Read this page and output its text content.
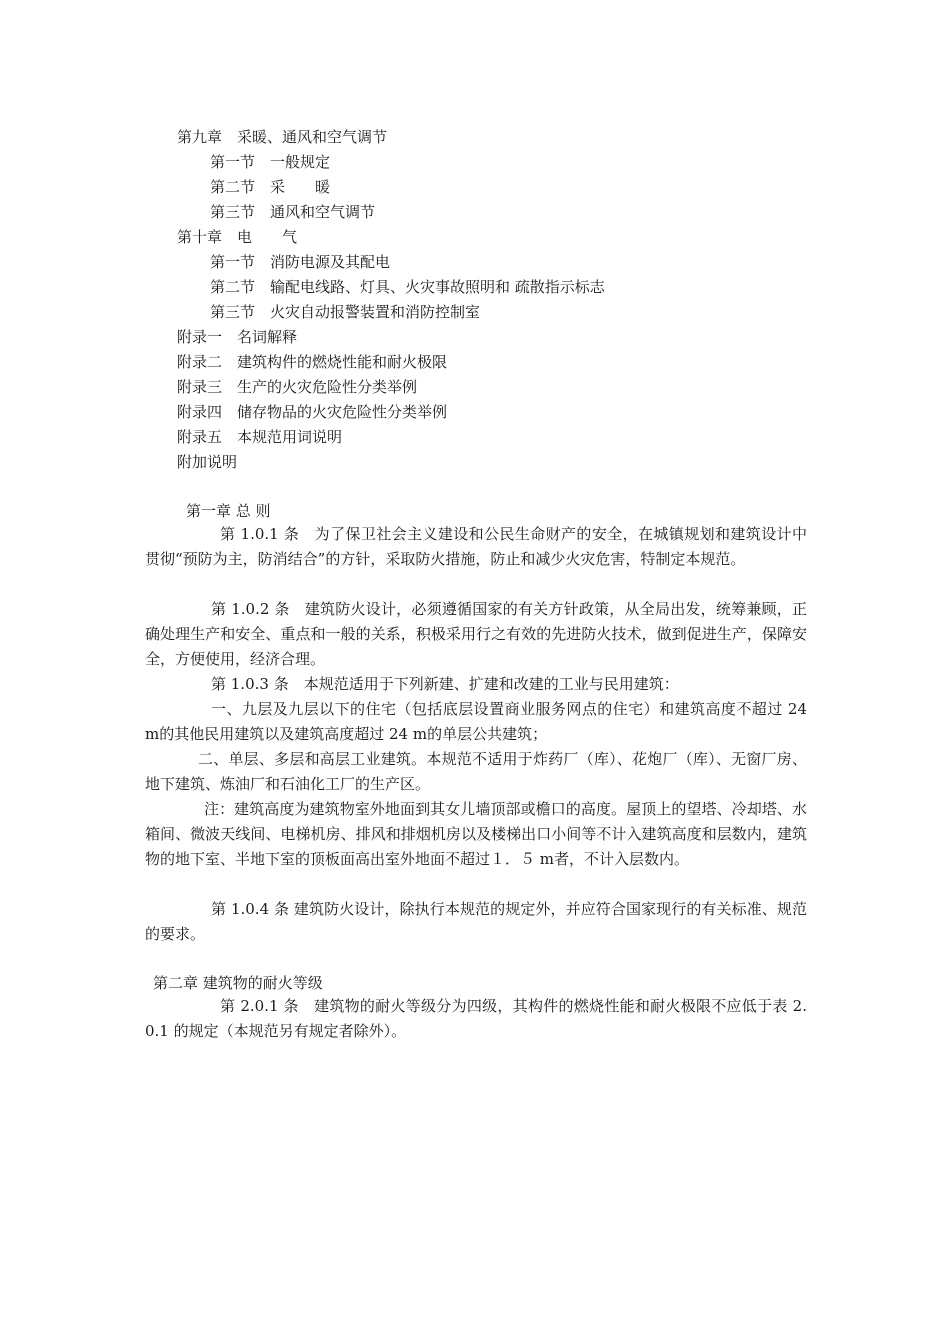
第九章　采暖、通风和空气调节
第一节　一般规定
第二节　采　　暖
第三节　通风和空气调节
第十章　电　　气
第一节　消防电源及其配电
第二节　输配电线路、灯具、火灾事故照明和 疏散指示标志
第三节　火灾自动报警装置和消防控制室
附录一　名词解释
附录二　建筑构件的燃烧性能和耐火极限
附录三　生产的火灾危险性分类举例
附录四　储存物品的火灾危险性分类举例
附录五　本规范用词说明
附加说明
第一章 总 则
第 1.0.1 条　为了保卫社会主义建设和公民生命财产的安全，在城镇规划和建筑设计中贯彻“预防为主，防消结合”的方针，采取防火措施，防止和减少火灾危害，特制定本规范。
第 1.0.2 条　建筑防火设计，必须遵循国家的有关方针政策，从全局出发，统筹兼顾，正确处理生产和安全、重点和一般的关系，积极采用行之有效的先进防火技术，做到促进生产，保障安全，方便使用，经济合理。
第 1.0.3 条　本规范适用于下列新建、扩建和改建的工业与民用建筑：
一、九层及九层以下的住宅（包括底层设置商业服务网点的住宅）和建筑高度不超过 24 m的其他民用建筑以及建筑高度超过 24 m的单层公共建筑；
二、单层、多层和高层工业建筑。本规范不适用于炸药厂（库）、花炮厂（库）、无窗厂房、地下建筑、炼油厂和石油化工厂的生产区。
注：建筑高度为建筑物室外地面到其女儿墙顶部或檐口的高度。屋顶上的望塔、冷却塔、水箱间、微波天线间、电梯机房、排风和排烟机房以及楼梯出口小间等不计入建筑高度和层数内，建筑物的地下室、半地下室的顶板面高出室外地面不超过１．５ m者，不计入层数内。
第 1.0.4 条 建筑防火设计，除执行本规范的规定外，并应符合国家现行的有关标准、规范的要求。
第二章 建筑物的耐火等级
第 2.0.1 条　建筑物的耐火等级分为四级，其构件的燃烧性能和耐火极限不应低于表 2.0.1 的规定（本规范另有规定者除外）。
